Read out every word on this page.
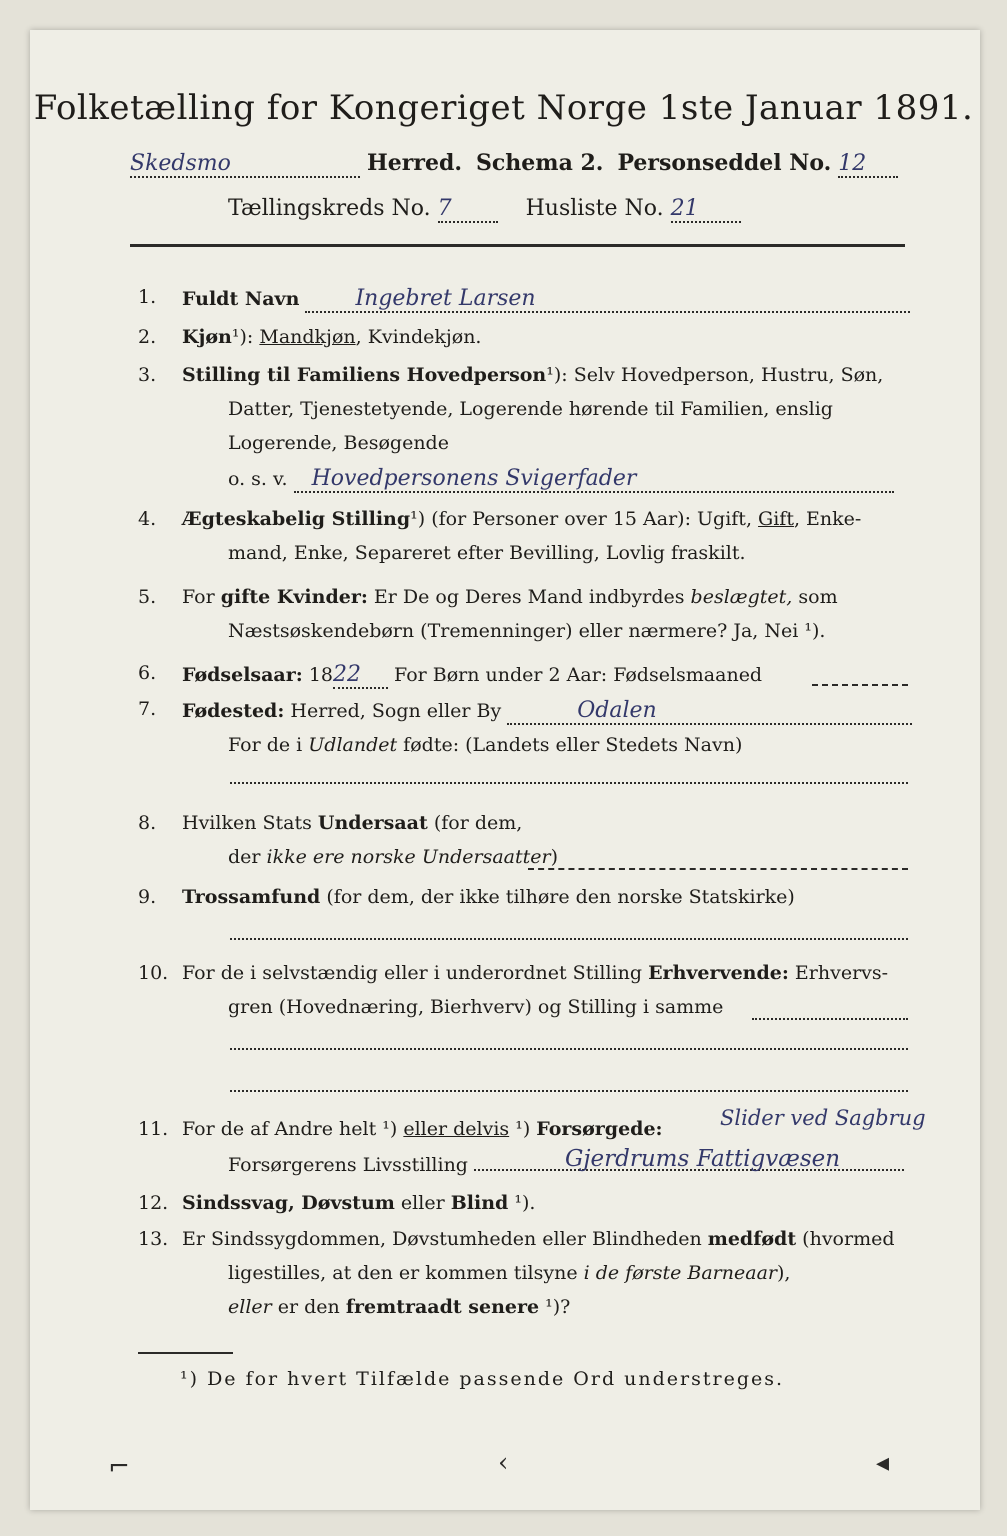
Folketælling for Kongeriget Norge 1ste Januar 1891.
Skedsmo	Herred. Schema 2. Personseddel No. 12
Tællingskreds No. 7	Husliste No. 21
1. Fuldt Navn	Ingebret Larsen
2. Kjøn¹): Mandkjøn, Kvindekjøn.
3. Stilling til Familiens Hovedperson¹): Selv Hovedperson, Hustru, Søn,
Datter, Tjenestetyende, Logerende hørende til Familien, enslig
Logerende, Besøgende
o. s. v. Hovedpersonens Svigerfader
4. Ægteskabelig Stilling¹) (for Personer over 15 Aar): Ugift, Gift, Enke-
mand, Enke, Separeret efter Bevilling, Lovlig fraskilt.
5. For gifte Kvinder: Er De og Deres Mand indbyrdes beslægtet, som
Næstsøskendebørn (Tremenninger) eller nærmere? Ja, Nei ¹).
6. Fødselsaar: 1822 For Børn under 2 Aar: Fødselsmaaned
7. Fødested: Herred, Sogn eller By	Odalen
For de i Udlandet fødte: (Landets eller Stedets Navn)
8. Hvilken Stats Undersaat (for dem,
der ikke ere norske Undersaatter)
9. Trossamfund (for dem, der ikke tilhøre den norske Statskirke)
10. For de i selvstændig eller i underordnet Stilling Erhvervende: Erhvervs-
gren (Hovednæring, Bierhverv) og Stilling i samme
11. For de af Andre helt ¹) eller delvis ¹) Forsørgede:	Slider ved Sagbrug
Forsørgerens Livsstilling	Gjerdrums Fattigvæsen
12. Sindssvag, Døvstum eller Blind ¹).
13. Er Sindssygdommen, Døvstumheden eller Blindheden medfødt (hvormed
ligestilles, at den er kommen tilsyne i de første Barneaar),
eller er den fremtraadt senere ¹)?
¹) De for hvert Tilfælde passende Ord understreges.
⌐	‹	◂
